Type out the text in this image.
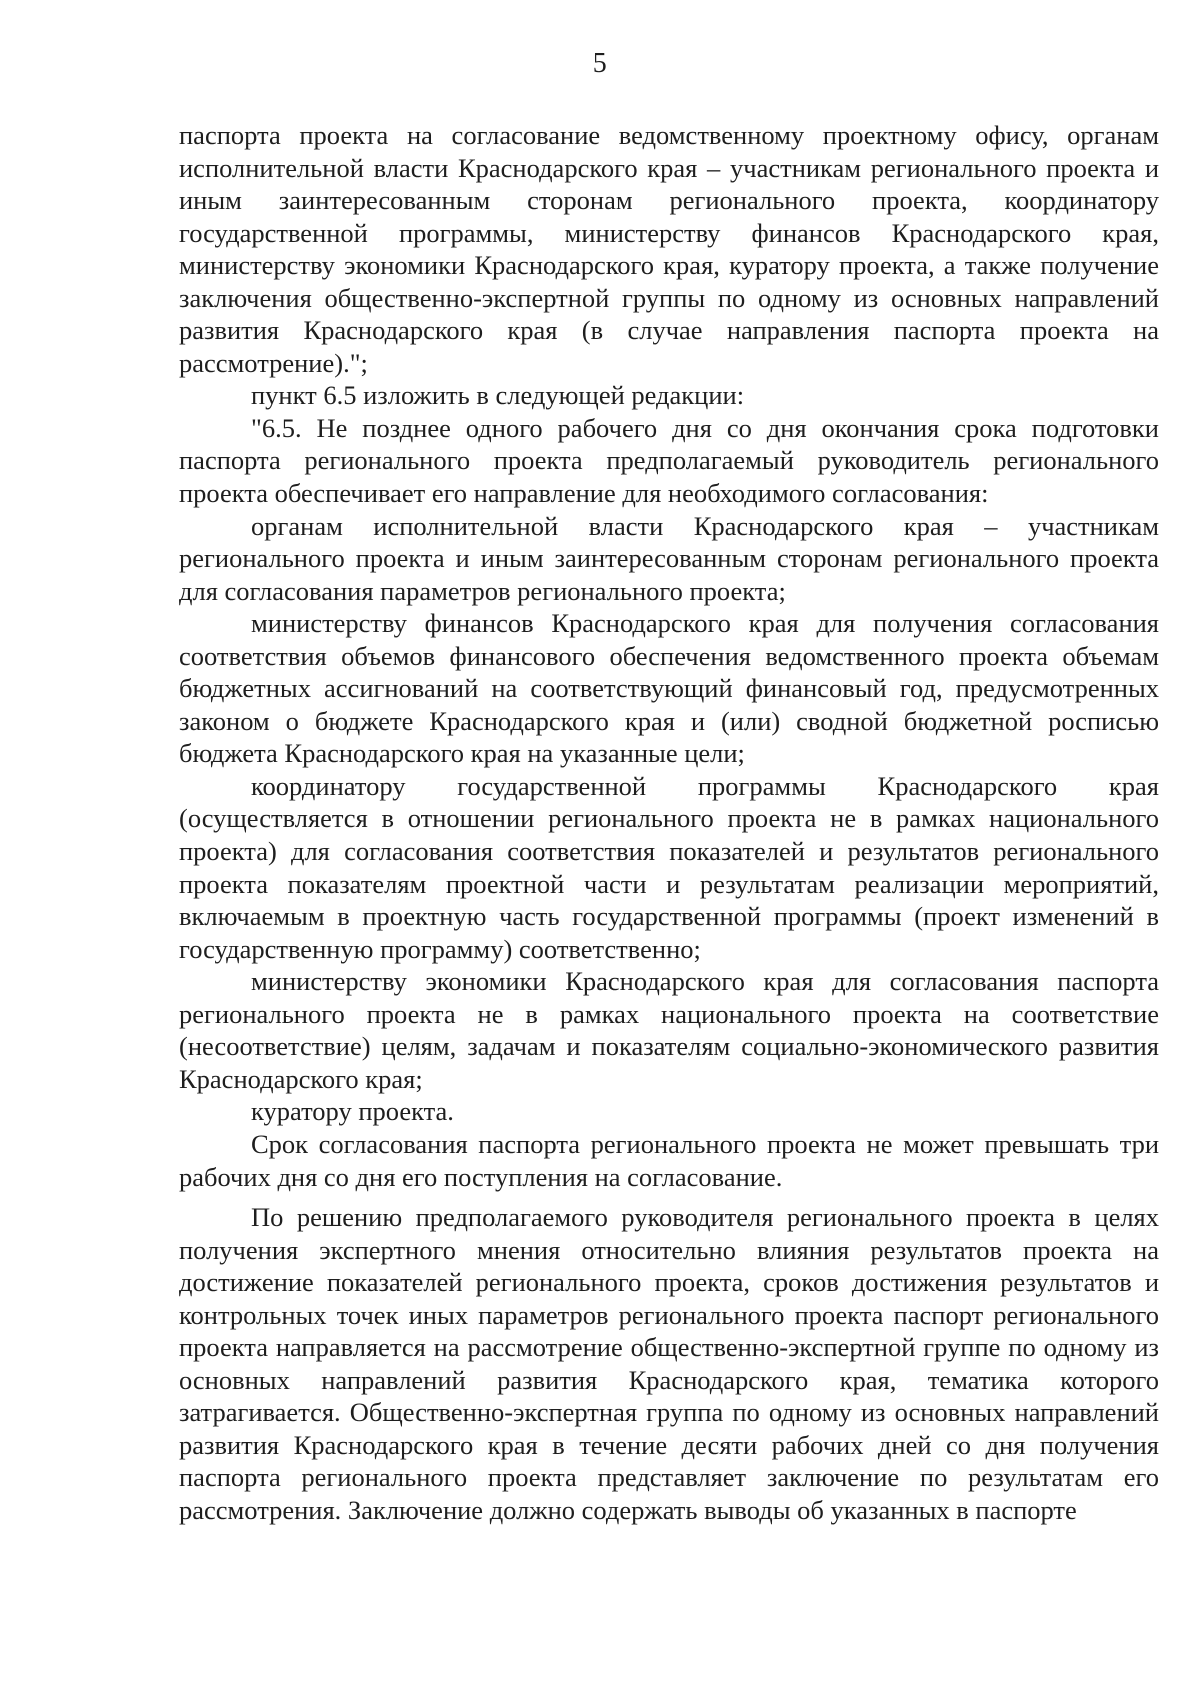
5

паспорта проекта на согласование ведомственному проектному офису, органам исполнительной власти Краснодарского края – участникам регионального проекта и иным заинтересованным сторонам регионального проекта, координатору государственной программы, министерству финансов Краснодарского края, министерству экономики Краснодарского края, куратору проекта, а также получение заключения общественно-экспертной группы по одному из основных направлений развития Краснодарского края (в случае направления паспорта проекта на рассмотрение).";

пункт 6.5 изложить в следующей редакции:

"6.5. Не позднее одного рабочего дня со дня окончания срока подготовки паспорта регионального проекта предполагаемый руководитель регионального проекта обеспечивает его направление для необходимого согласования:

органам исполнительной власти Краснодарского края – участникам регионального проекта и иным заинтересованным сторонам регионального проекта для согласования параметров регионального проекта;

министерству финансов Краснодарского края для получения согласования соответствия объемов финансового обеспечения ведомственного проекта объемам бюджетных ассигнований на соответствующий финансовый год, предусмотренных законом о бюджете Краснодарского края и (или) сводной бюджетной росписью бюджета Краснодарского края на указанные цели;

координатору государственной программы Краснодарского края (осуществляется в отношении регионального проекта не в рамках национального проекта) для согласования соответствия показателей и результатов регионального проекта показателям проектной части и результатам реализации мероприятий, включаемым в проектную часть государственной программы (проект изменений в государственную программу) соответственно;

министерству экономики Краснодарского края для согласования паспорта регионального проекта не в рамках национального проекта на соответствие (несоответствие) целям, задачам и показателям социально-экономического развития Краснодарского края;

куратору проекта.

Срок согласования паспорта регионального проекта не может превышать три рабочих дня со дня его поступления на согласование.

По решению предполагаемого руководителя регионального проекта в целях получения экспертного мнения относительно влияния результатов проекта на достижение показателей регионального проекта, сроков достижения результатов и контрольных точек иных параметров регионального проекта паспорт регионального проекта направляется на рассмотрение общественно-экспертной группе по одному из основных направлений развития Краснодарского края, тематика которого затрагивается. Общественно-экспертная группа по одному из основных направлений развития Краснодарского края в течение десяти рабочих дней со дня получения паспорта регионального проекта представляет заключение по результатам его рассмотрения. Заключение должно содержать выводы об указанных в паспорте
